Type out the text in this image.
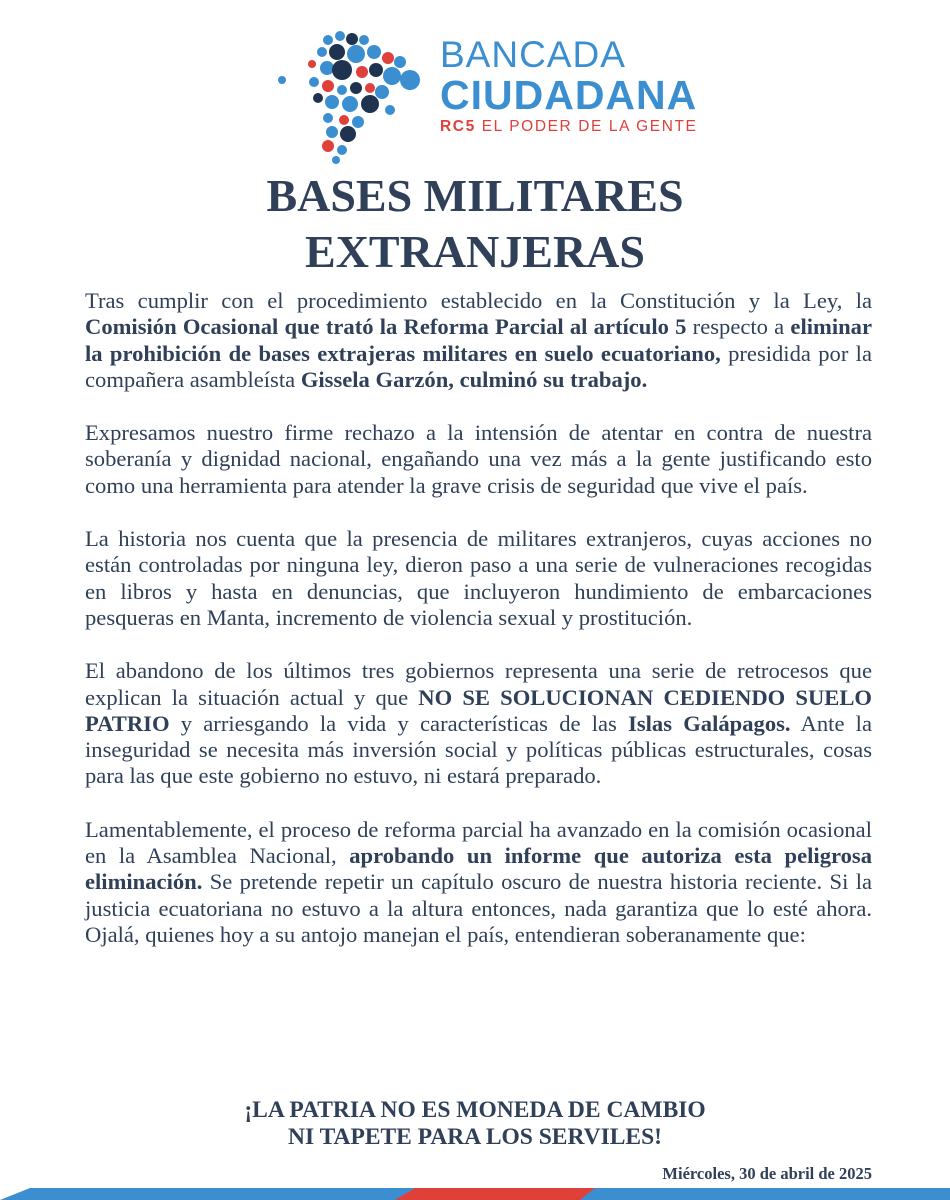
BANCADA
CIUDADANA
RC5 EL PODER DE LA GENTE
BASES MILITARES
EXTRANJERAS

Tras cumplir con el procedimiento establecido en la Constitución y la Ley, la Comisión Ocasional que trató la Reforma Parcial al artículo 5 respecto a eliminar la prohibición de bases extrajeras militares en suelo ecuatoriano, presidida por la compañera asambleísta Gissela Garzón, culminó su trabajo.

Expresamos nuestro firme rechazo a la intensión de atentar en contra de nuestra soberanía y dignidad nacional, engañando una vez más a la gente justificando esto como una herramienta para atender la grave crisis de seguridad que vive el país.

La historia nos cuenta que la presencia de militares extranjeros, cuyas acciones no están controladas por ninguna ley, dieron paso a una serie de vulneraciones recogidas en libros y hasta en denuncias, que incluyeron hundimiento de embarcaciones pesqueras en Manta, incremento de violencia sexual y prostitución.

El abandono de los últimos tres gobiernos representa una serie de retrocesos que explican la situación actual y que NO SE SOLUCIONAN CEDIENDO SUELO PATRIO y arriesgando la vida y características de las Islas Galápagos. Ante la inseguridad se necesita más inversión social y políticas públicas estructurales, cosas para las que este gobierno no estuvo, ni estará preparado.

Lamentablemente, el proceso de reforma parcial ha avanzado en la comisión ocasional en la Asamblea Nacional, aprobando un informe que autoriza esta peligrosa eliminación. Se pretende repetir un capítulo oscuro de nuestra historia reciente. Si la justicia ecuatoriana no estuvo a la altura entonces, nada garantiza que lo esté ahora. Ojalá, quienes hoy a su antojo manejan el país, entendieran soberanamente que:

¡LA PATRIA NO ES MONEDA DE CAMBIO
NI TAPETE PARA LOS SERVILES!
Miércoles, 30 de abril de 2025
